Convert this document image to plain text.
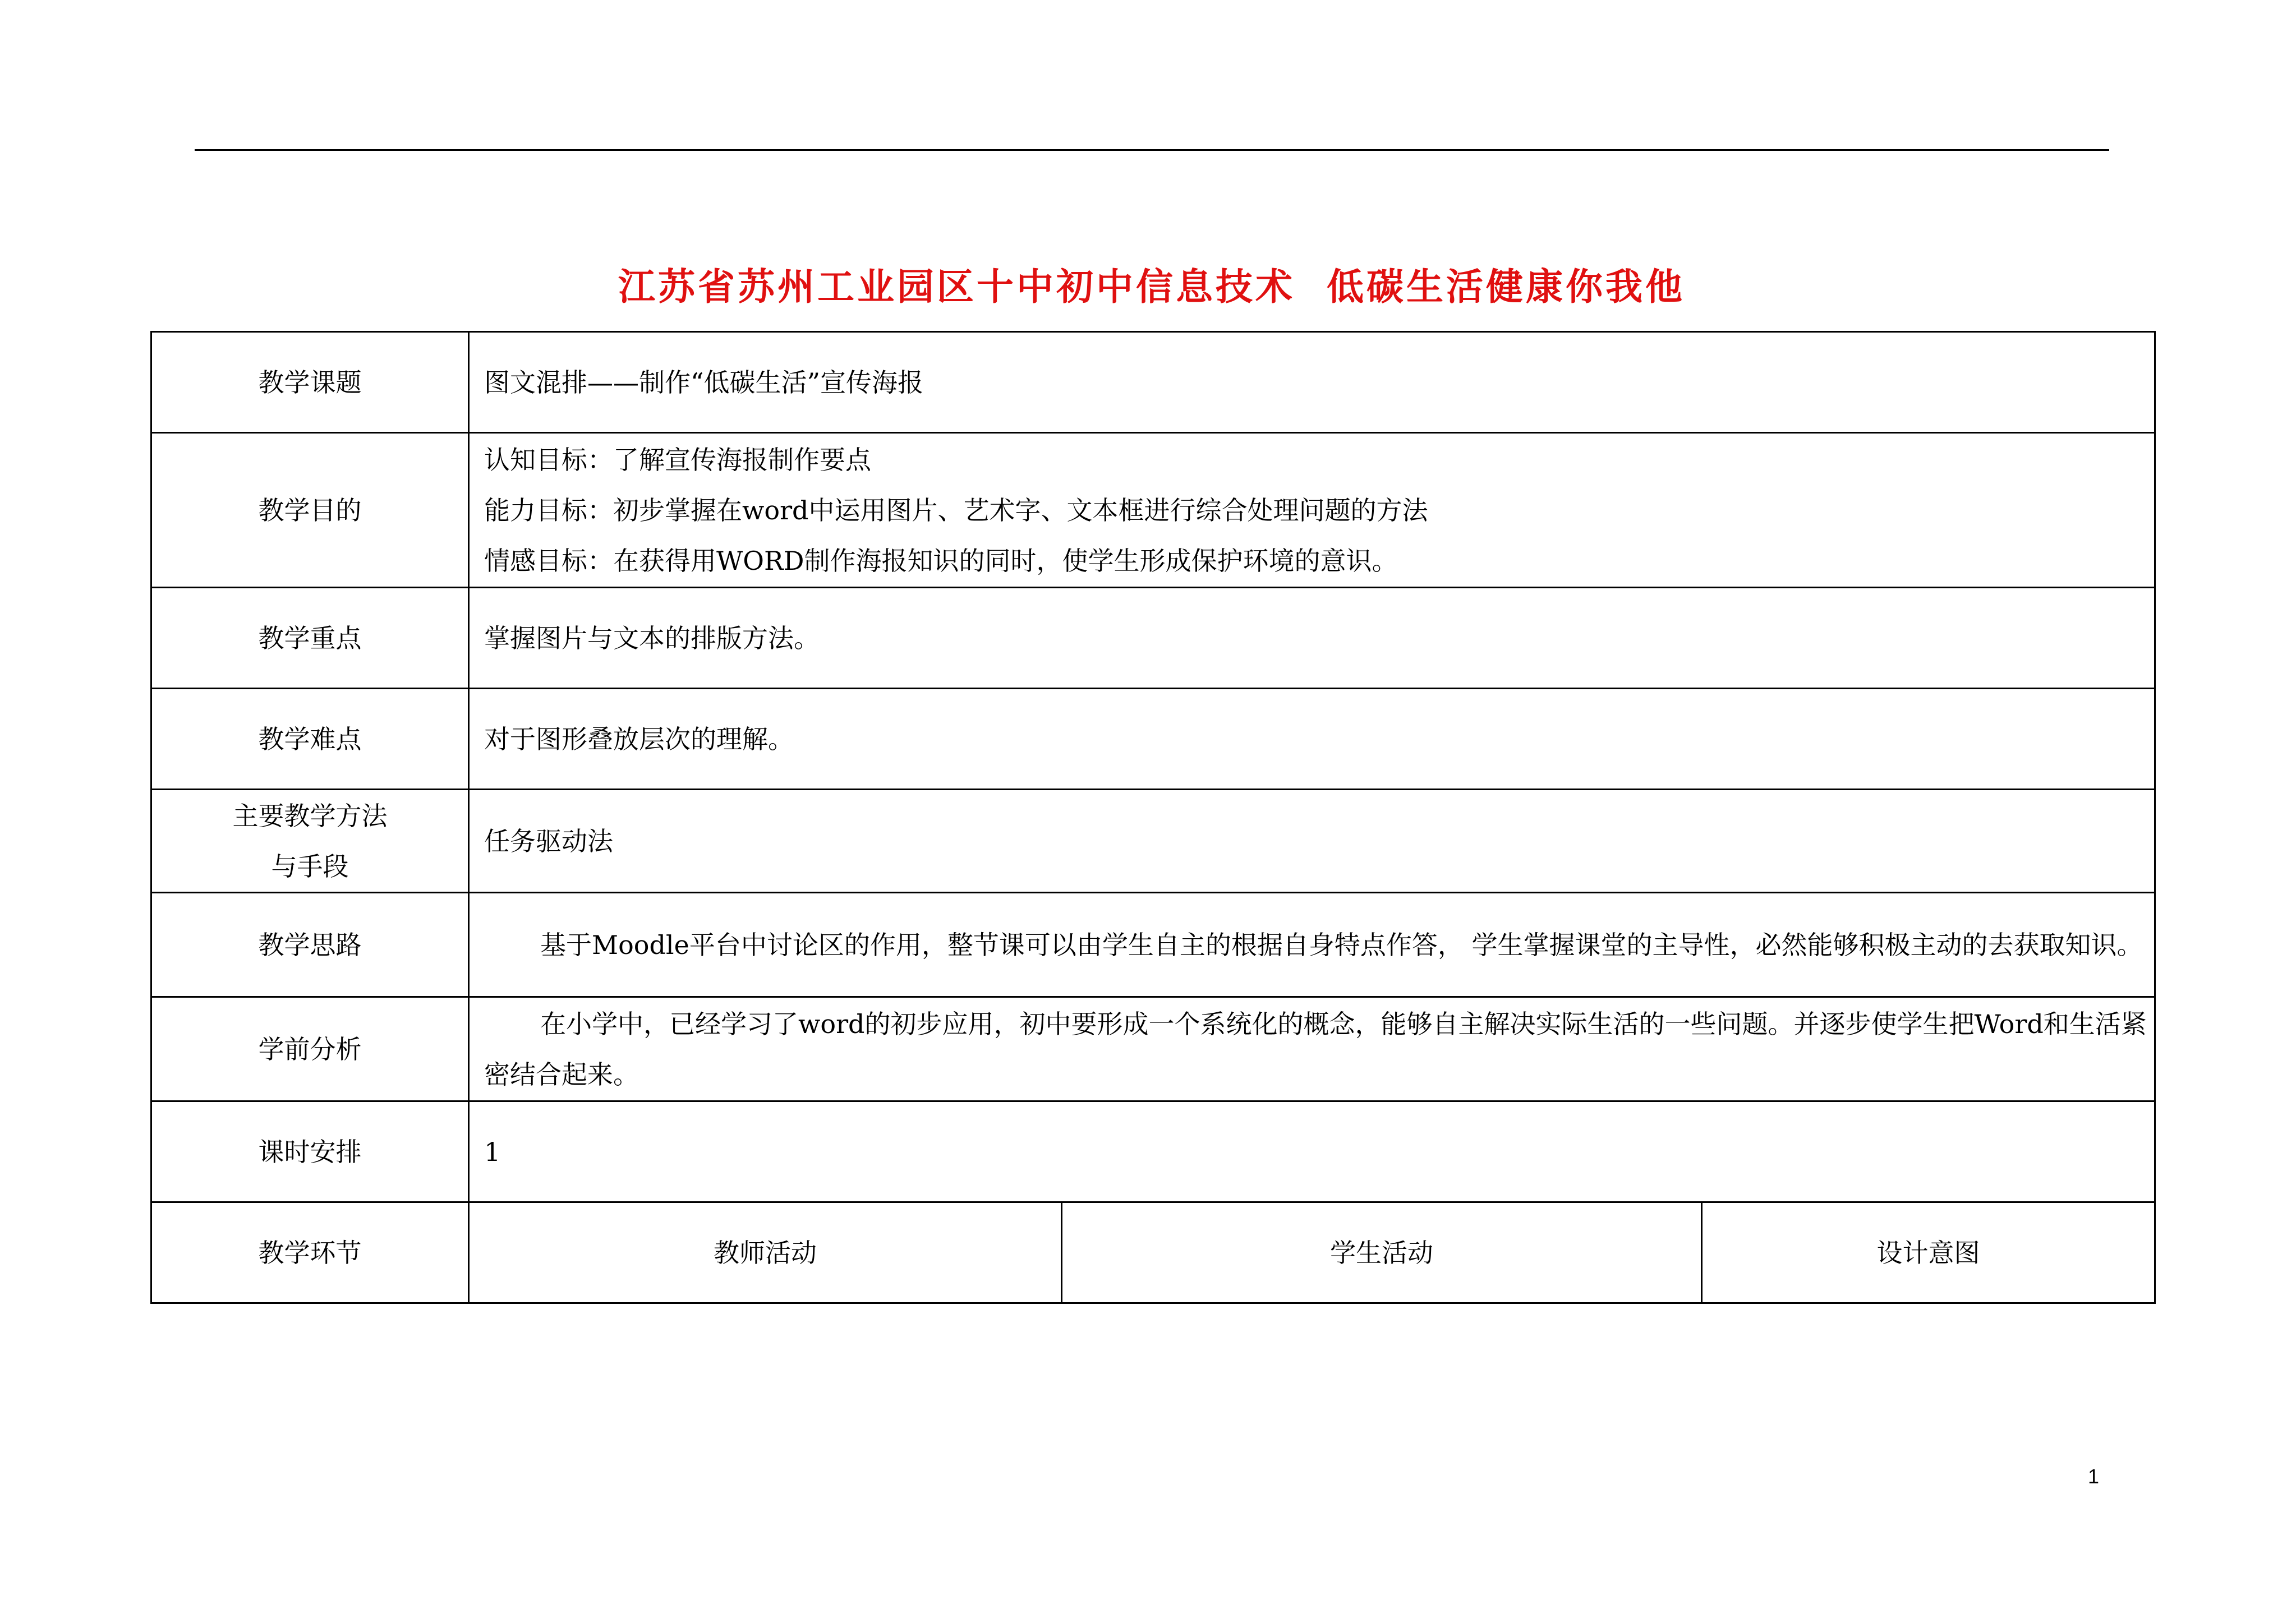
江苏省苏州工业园区十中初中信息技术  低碳生活健康你我他
教学课题	图文混排——制作“低碳生活”宣传海报		
教学目的	认知目标：了解宣传海报制作要点
能力目标：初步掌握在word中运用图片、艺术字、文本框进行综合处理问题的方法
情感目标：在获得用WORD制作海报知识的同时，使学生形成保护环境的意识。		

教学重点	掌握图片与文本的排版方法。		
教学难点	对于图形叠放层次的理解。		

主要教学方法
与手段	任务驱动法		
教学思路	基于Moodle平台中讨论区的作用，整节课可以由学生自主的根据自身特点作答， 学生掌握课堂的主导性，必然能够积极主动的去获取知识。		
学前分析	在小学中，已经学习了word的初步应用，初中要形成一个系统化的概念，能够自主解决实际生活的一些问题。并逐步使学生把Word和生活紧密结合起来。		
课时安排	1		
教学环节	教师活动	学生活动	设计意图
1
